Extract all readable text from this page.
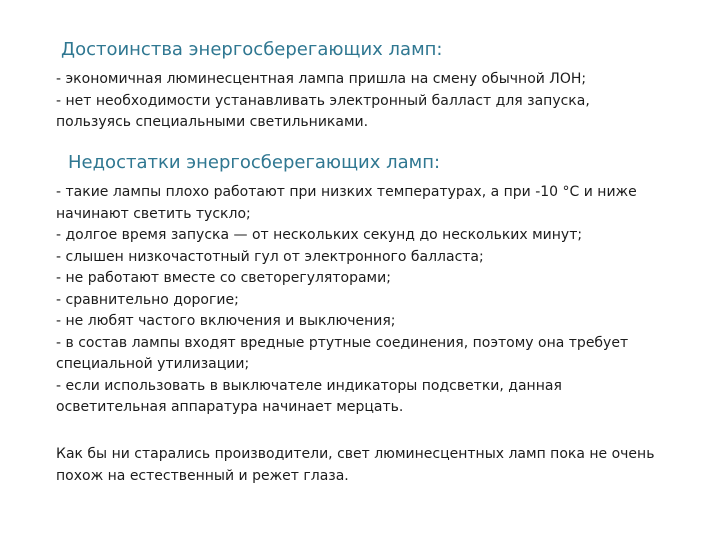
Достоинства энергосберегающих ламп:
- экономичная люминесцентная лампа пришла на смену обычной ЛОН;
- нет необходимости устанавливать электронный балласт для запуска,
пользуясь специальными светильниками.
Недостатки энергосберегающих ламп:
- такие лампы плохо работают при низких температурах, а при -10 °C и ниже
начинают светить тускло;
- долгое время запуска — от нескольких секунд до нескольких минут;
- слышен низкочастотный гул от электронного балласта;
- не работают вместе со светорегуляторами;
- сравнительно дорогие;
- не любят частого включения и выключения;
- в состав лампы входят вредные ртутные соединения, поэтому она требует
специальной утилизации;
- если использовать в выключателе индикаторы подсветки, данная
осветительная аппаратура начинает мерцать.
Как бы ни старались производители, свет люминесцентных ламп пока не очень
похож на естественный и режет глаза.
